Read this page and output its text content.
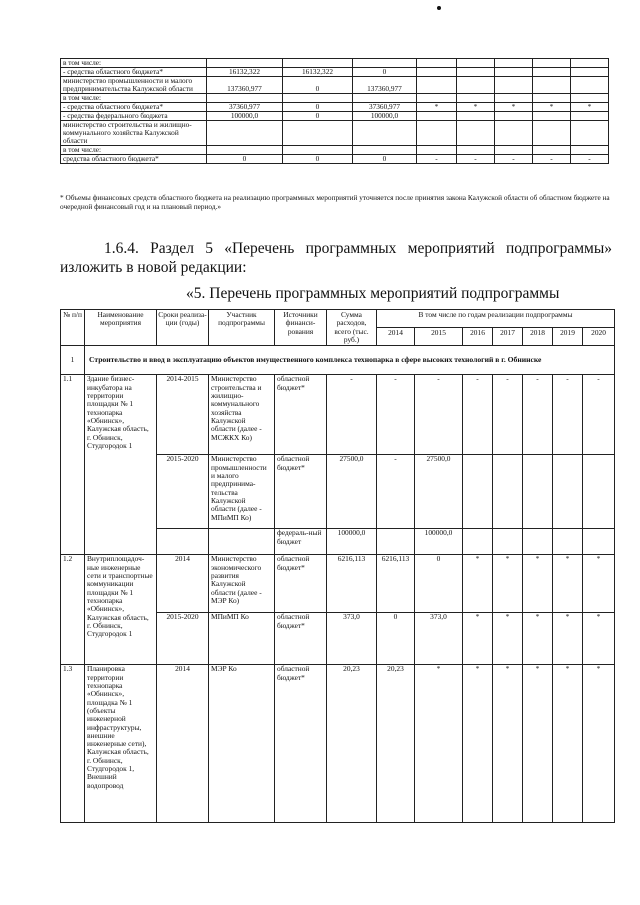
в том числе:								
- средства областного бюджета*	16132,322	16132,322	0					
министерство промышленности и малого предпринимательства Калужской области	137360,977	0	137360,977					
в том числе:								
- средства областного бюджета*	37360,977	0	37360,977	*	*	*	*	*
- средства федерального бюджета	100000,0	0	100000,0					
министерство строительства и жилищно-коммунального хозяйства Калужской области								
в том числе:								
средства областного бюджета*	0	0	0	-	-	-	-	-
* Объемы финансовых средств областного бюджета на реализацию программных мероприятий уточняется после принятия закона Калужской области об областном бюджете на очередной финансовый год и на плановый период.»
1.6.4. Раздел 5 «Перечень программных мероприятий подпрограммы» изложить в новой редакции:
«5. Перечень программных мероприятий подпрограммы
№ п/п	Наименование мероприятия	Сроки реализа-ции (годы)	Участник подпрограммы	Источники финанси-рования	Сумма расходов, всего (тыс. руб.)	В том числе по годам реализации подпрограммы						
						2014	2015	2016	2017	2018	2019	2020
1	Строительство и ввод в эксплуатацию объектов имущественного комплекса технопарка в сфере высоких технологий в г. Обнинске											
1.1	Здание бизнес-инкубатора на территории площадки № 1 технопарка «Обнинск», Калужская область, г. Обнинск, Студгородок 1	2014-2015	Министерство строительства и жилищно-коммунального хозяйства Калужской области (далее - МСЖКХ Ко)	областной бюджет*	-	-	-	-	-	-	-	-
		2015-2020	Министерство промышленности и малого предпринима-тельства Калужской области (далее - МПиМП Ко)	областной бюджет*	27500,0	-	27500,0					
				федераль-ный бюджет	100000,0		100000,0					
1.2	Внутриплощадоч-ные инженерные сети и транспортные коммуникации площадки № 1 технопарка «Обнинск», Калужская область, г. Обнинск, Студгородок 1	2014	Министерство экономического развития Калужской области (далее - МЭР Ко)	областной бюджет*	6216,113	6216,113	0	*	*	*	*	*
		2015-2020	МПиМП Ко	областной бюджет*	373,0	0	373,0	*	*	*	*	*
1.3	Планировка территории технопарка «Обнинск», площадка № 1 (объекты инженерной инфраструктуры, внешние инженерные сети), Калужская область, г. Обнинск, Студгородок 1, Внешний водопровод	2014	МЭР Ко	областной бюджет*	20,23	20,23	*	*	*	*	*	*
